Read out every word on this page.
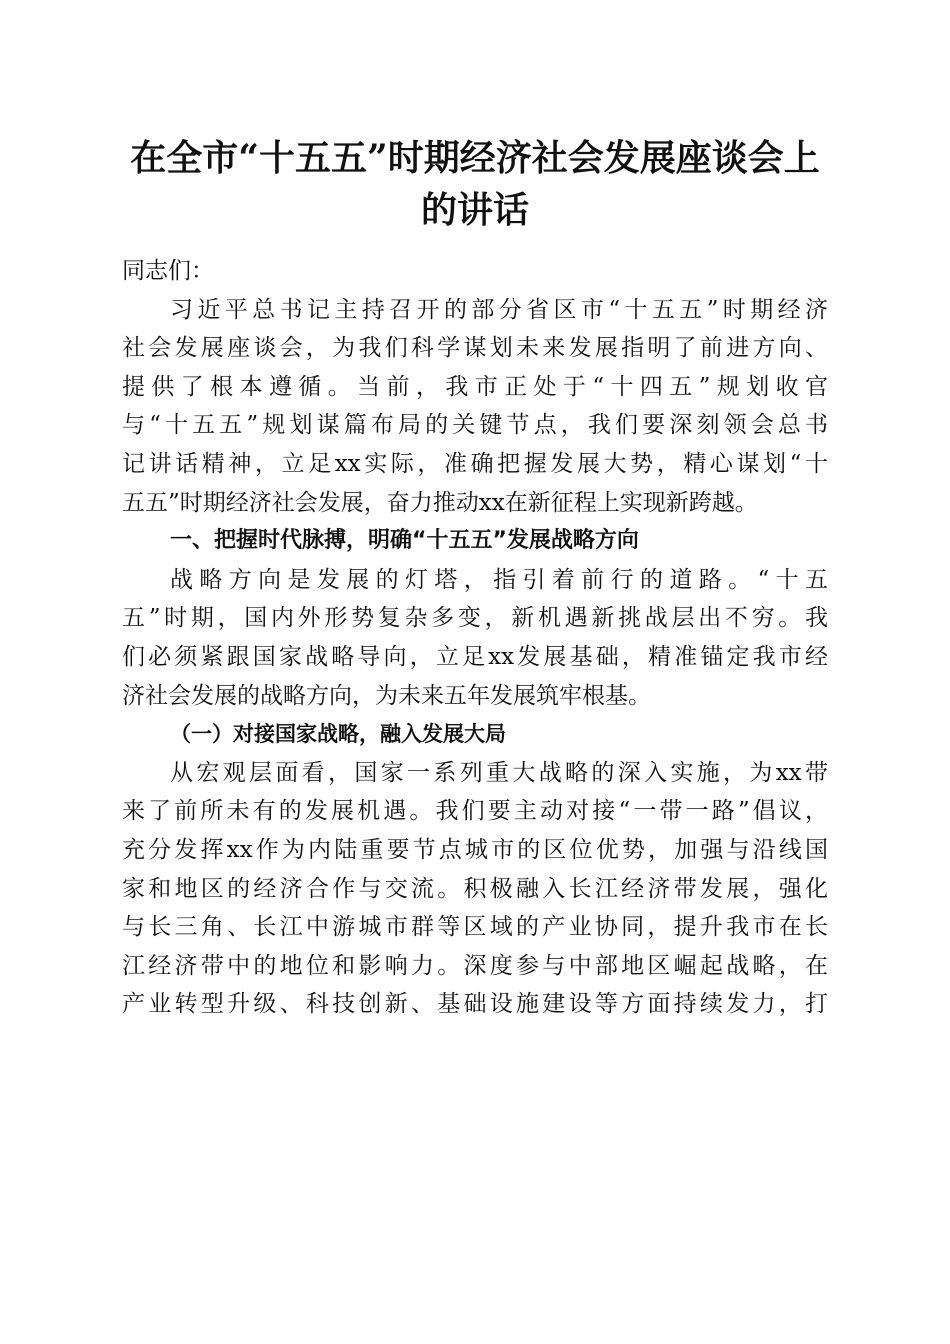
在全市“十五五”时期经济社会发展座谈会上
的讲话
同志们：
习近平总书记主持召开的部分省区市“十五五”时期经济
社会发展座谈会，为我们科学谋划未来发展指明了前进方向、
提供了根本遵循。当前，我市正处于“十四五”规划收官
与“十五五”规划谋篇布局的关键节点，我们要深刻领会总书
记讲话精神，立足xx实际，准确把握发展大势，精心谋划“十
五五”时期经济社会发展，奋力推动xx在新征程上实现新跨越。
一、把握时代脉搏，明确“十五五”发展战略方向
战略方向是发展的灯塔，指引着前行的道路。“十五
五”时期，国内外形势复杂多变，新机遇新挑战层出不穷。我
们必须紧跟国家战略导向，立足xx发展基础，精准锚定我市经
济社会发展的战略方向，为未来五年发展筑牢根基。
（一）对接国家战略，融入发展大局
从宏观层面看，国家一系列重大战略的深入实施，为xx带
来了前所未有的发展机遇。我们要主动对接“一带一路”倡议，
充分发挥xx作为内陆重要节点城市的区位优势，加强与沿线国
家和地区的经济合作与交流。积极融入长江经济带发展，强化
与长三角、长江中游城市群等区域的产业协同，提升我市在长
江经济带中的地位和影响力。深度参与中部地区崛起战略，在
产业转型升级、科技创新、基础设施建设等方面持续发力，打
